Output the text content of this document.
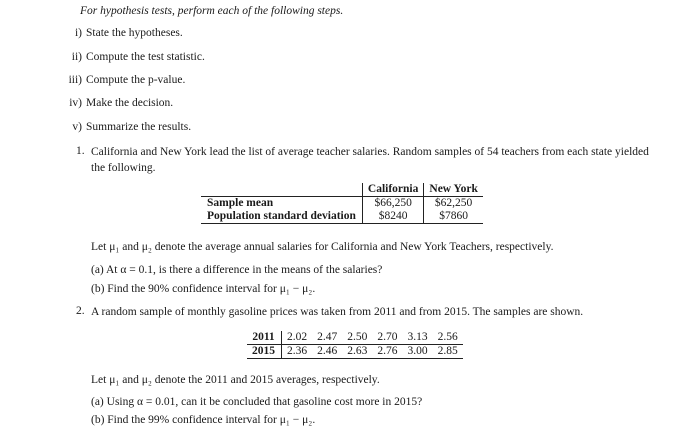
For hypothesis tests, perform each of the following steps.
i) State the hypotheses.
ii) Compute the test statistic.
iii) Compute the p-value.
iv) Make the decision.
v) Summarize the results.
1. California and New York lead the list of average teacher salaries. Random samples of 54 teachers from each state yielded the following.
	California	New York
Sample mean	$66,250	$62,250
Population standard deviation	$8240	$7860
Let μ₁ and μ₂ denote the average annual salaries for California and New York Teachers, respectively.
(a) At α = 0.1, is there a difference in the means of the salaries?
(b) Find the 90% confidence interval for μ₁ − μ₂.
2. A random sample of monthly gasoline prices was taken from 2011 and from 2015. The samples are shown.
2011	2.02	2.47	2.50	2.70	3.13	2.56
2015	2.36	2.46	2.63	2.76	3.00	2.85
Let μ₁ and μ₂ denote the 2011 and 2015 averages, respectively.
(a) Using α = 0.01, can it be concluded that gasoline cost more in 2015?
(b) Find the 99% confidence interval for μ₁ − μ₂.
